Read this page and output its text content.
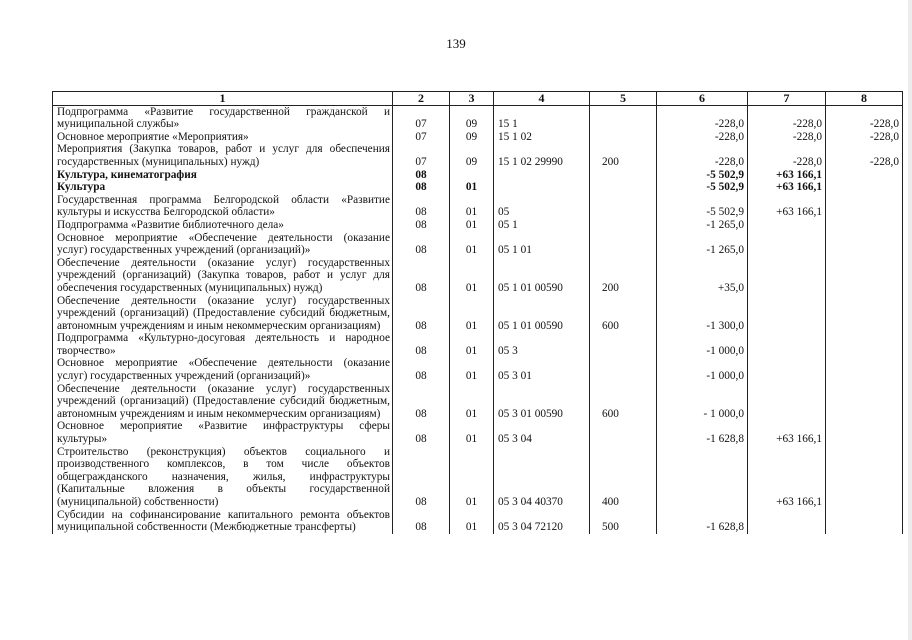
139
1	2	3	4	5	6	7	8
Подпрограмма «Развитие государственной гражданской и муниципальной службы»	07	09	15 1		-228,0	-228,0	-228,0
Основное мероприятие «Мероприятия»	07	09	15 1 02		-228,0	-228,0	-228,0
Мероприятия (Закупка товаров, работ и услуг для обеспечения государственных (муниципальных) нужд)	07	09	15 1 02 29990	200	-228,0	-228,0	-228,0
Культура, кинематография	08				-5 502,9	+63 166,1	
Культура	08	01			-5 502,9	+63 166,1	
Государственная программа Белгородской области «Развитие культуры и искусства Белгородской области»	08	01	05		-5 502,9	+63 166,1	
Подпрограмма «Развитие библиотечного дела»	08	01	05 1		-1 265,0		
Основное мероприятие «Обеспечение деятельности (оказание услуг) государственных учреждений (организаций)»	08	01	05 1 01		-1 265,0		
Обеспечение деятельности (оказание услуг) государственных учреждений (организаций) (Закупка товаров, работ и услуг для обеспечения государственных (муниципальных) нужд)	08	01	05 1 01 00590	200	+35,0		
Обеспечение деятельности (оказание услуг) государственных учреждений (организаций) (Предоставление субсидий бюджетным, автономным учреждениям и иным некоммерческим организациям)	08	01	05 1 01 00590	600	-1 300,0		
Подпрограмма «Культурно-досуговая деятельность и народное творчество»	08	01	05 3		-1 000,0		
Основное мероприятие «Обеспечение деятельности (оказание услуг) государственных учреждений (организаций)»	08	01	05 3 01		-1 000,0		
Обеспечение деятельности (оказание услуг) государственных учреждений (организаций) (Предоставление субсидий бюджетным, автономным учреждениям и иным некоммерческим организациям)	08	01	05 3 01 00590	600	- 1 000,0		
Основное мероприятие «Развитие инфраструктуры сферы культуры»	08	01	05 3 04		-1 628,8	+63 166,1	
Строительство (реконструкция) объектов социального и производственного комплексов, в том числе объектов общегражданского назначения, жилья, инфраструктуры (Капитальные вложения в объекты государственной (муниципальной) собственности)	08	01	05 3 04 40370	400		+63 166,1	
Субсидии на софинансирование капитального ремонта объектов муниципальной собственности (Межбюджетные трансферты)	08	01	05 3 04 72120	500	-1 628,8		
